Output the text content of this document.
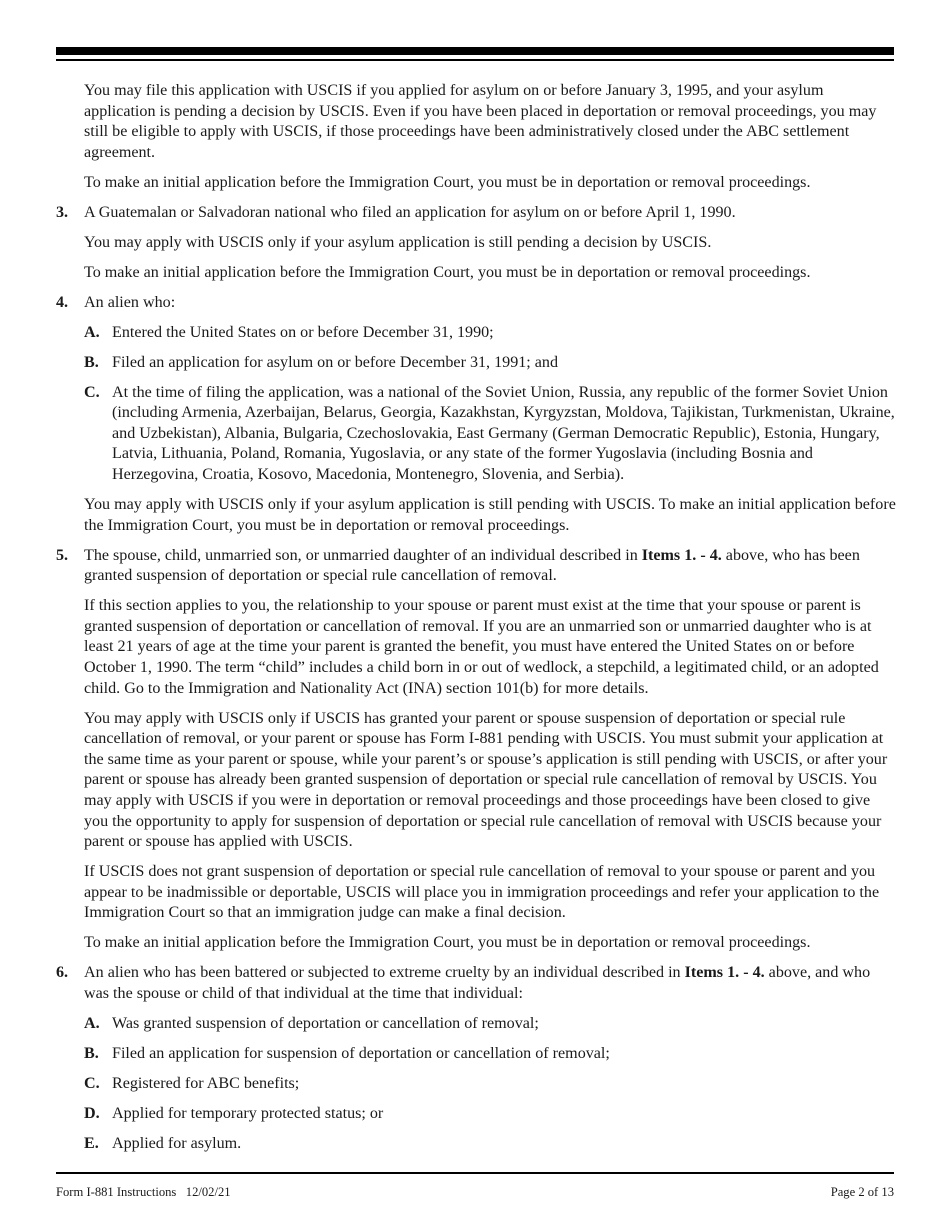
You may file this application with USCIS if you applied for asylum on or before January 3, 1995, and your asylum application is pending a decision by USCIS. Even if you have been placed in deportation or removal proceedings, you may still be eligible to apply with USCIS, if those proceedings have been administratively closed under the ABC settlement agreement.

To make an initial application before the Immigration Court, you must be in deportation or removal proceedings.

3. A Guatemalan or Salvadoran national who filed an application for asylum on or before April 1, 1990.

You may apply with USCIS only if your asylum application is still pending a decision by USCIS.

To make an initial application before the Immigration Court, you must be in deportation or removal proceedings.

4. An alien who:
A. Entered the United States on or before December 31, 1990;
B. Filed an application for asylum on or before December 31, 1991; and
C. At the time of filing the application, was a national of the Soviet Union, Russia, any republic of the former Soviet Union (including Armenia, Azerbaijan, Belarus, Georgia, Kazakhstan, Kyrgyzstan, Moldova, Tajikistan, Turkmenistan, Ukraine, and Uzbekistan), Albania, Bulgaria, Czechoslovakia, East Germany (German Democratic Republic), Estonia, Hungary, Latvia, Lithuania, Poland, Romania, Yugoslavia, or any state of the former Yugoslavia (including Bosnia and Herzegovina, Croatia, Kosovo, Macedonia, Montenegro, Slovenia, and Serbia).

You may apply with USCIS only if your asylum application is still pending with USCIS. To make an initial application before the Immigration Court, you must be in deportation or removal proceedings.

5. The spouse, child, unmarried son, or unmarried daughter of an individual described in Items 1. - 4. above, who has been granted suspension of deportation or special rule cancellation of removal.

If this section applies to you, the relationship to your spouse or parent must exist at the time that your spouse or parent is granted suspension of deportation or cancellation of removal. If you are an unmarried son or unmarried daughter who is at least 21 years of age at the time your parent is granted the benefit, you must have entered the United States on or before October 1, 1990. The term “child” includes a child born in or out of wedlock, a stepchild, a legitimated child, or an adopted child. Go to the Immigration and Nationality Act (INA) section 101(b) for more details.

You may apply with USCIS only if USCIS has granted your parent or spouse suspension of deportation or special rule cancellation of removal, or your parent or spouse has Form I-881 pending with USCIS. You must submit your application at the same time as your parent or spouse, while your parent’s or spouse’s application is still pending with USCIS, or after your parent or spouse has already been granted suspension of deportation or special rule cancellation of removal by USCIS. You may apply with USCIS if you were in deportation or removal proceedings and those proceedings have been closed to give you the opportunity to apply for suspension of deportation or special rule cancellation of removal with USCIS because your parent or spouse has applied with USCIS.

If USCIS does not grant suspension of deportation or special rule cancellation of removal to your spouse or parent and you appear to be inadmissible or deportable, USCIS will place you in immigration proceedings and refer your application to the Immigration Court so that an immigration judge can make a final decision.

To make an initial application before the Immigration Court, you must be in deportation or removal proceedings.

6. An alien who has been battered or subjected to extreme cruelty by an individual described in Items 1. - 4. above, and who was the spouse or child of that individual at the time that individual:
A. Was granted suspension of deportation or cancellation of removal;
B. Filed an application for suspension of deportation or cancellation of removal;
C. Registered for ABC benefits;
D. Applied for temporary protected status; or
E. Applied for asylum.
Form I-881 Instructions   12/02/21	Page 2 of 13
